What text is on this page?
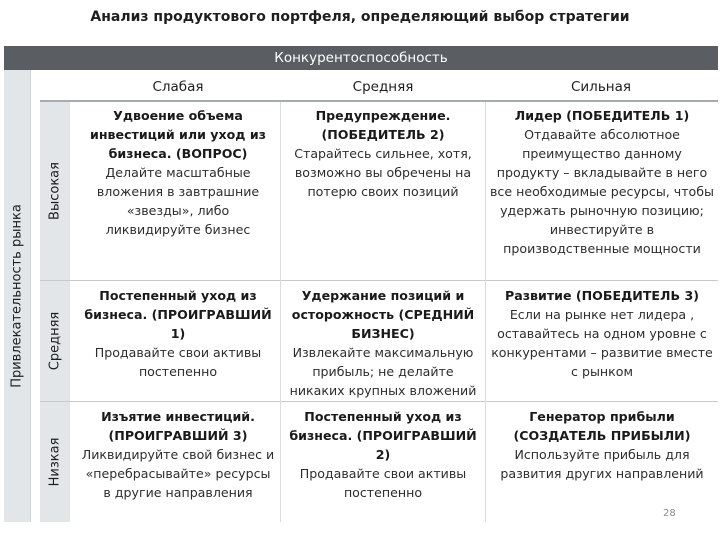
Анализ продуктового портфеля, определяющий выбор стратегии
Конкурентоспособность
Привлекательность рынка
Высокая
Средняя
Низкая
Слабая	Средняя	Сильная
Удвоение объема инвестиций или уход из бизнеса. (ВОПРОС)
Делайте масштабные вложения в завтрашние «звезды», либо ликвидируйте бизнес
Предупреждение. (ПОБЕДИТЕЛЬ 2)
Старайтесь сильнее, хотя, возможно вы обречены на потерю своих позиций
Лидер (ПОБЕДИТЕЛЬ 1)
Отдавайте абсолютное преимущество данному продукту – вкладывайте в него все необходимые ресурсы, чтобы удержать рыночную позицию; инвестируйте в производственные мощности
Постепенный уход из бизнеса. (ПРОИГРАВШИЙ 1)
Продавайте свои активы постепенно
Удержание позиций и осторожность (СРЕДНИЙ БИЗНЕС)
Извлекайте максимальную прибыль; не делайте никаких крупных вложений
Развитие (ПОБЕДИТЕЛЬ 3)
Если на рынке нет лидера , оставайтесь на одном уровне с конкурентами – развитие вместе с рынком
Изъятие инвестиций. (ПРОИГРАВШИЙ 3)
Ликвидируйте свой бизнес и «перебрасывайте» ресурсы в другие направления
Постепенный уход из бизнеса. (ПРОИГРАВШИЙ 2)
Продавайте свои активы постепенно
Генератор прибыли (СОЗДАТЕЛЬ ПРИБЫЛИ)
Используйте прибыль для развития других направлений
28
